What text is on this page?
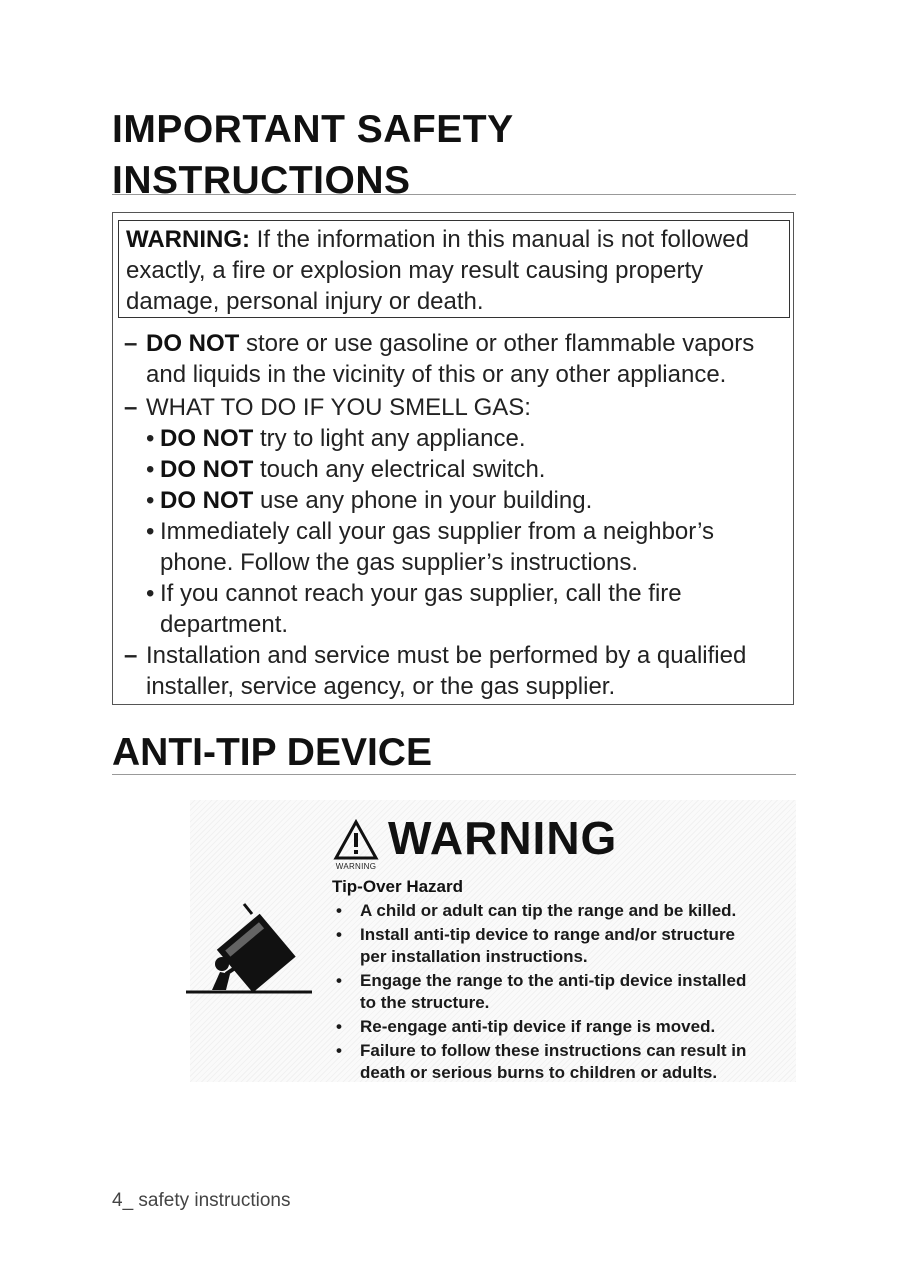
IMPORTANT SAFETY
INSTRUCTIONS
WARNING: If the information in this manual is not followed
exactly, a fire or explosion may result causing property
damage, personal injury or death.
– DO NOT store or use gasoline or other flammable vapors
and liquids in the vicinity of this or any other appliance.
– WHAT TO DO IF YOU SMELL GAS:
• DO NOT try to light any appliance.
• DO NOT touch any electrical switch.
• DO NOT use any phone in your building.
• Immediately call your gas supplier from a neighbor’s
phone. Follow the gas supplier’s instructions.
• If you cannot reach your gas supplier, call the fire
department.
– Installation and service must be performed by a qualified
installer, service agency, or the gas supplier.
ANTI-TIP DEVICE
WARNING
WARNING
Tip-Over Hazard
• A child or adult can tip the range and be killed.
• Install anti-tip device to range and/or structure
per installation instructions.
• Engage the range to the anti-tip device installed
to the structure.
• Re-engage anti-tip device if range is moved.
• Failure to follow these instructions can result in
death or serious burns to children or adults.
4_ safety instructions
